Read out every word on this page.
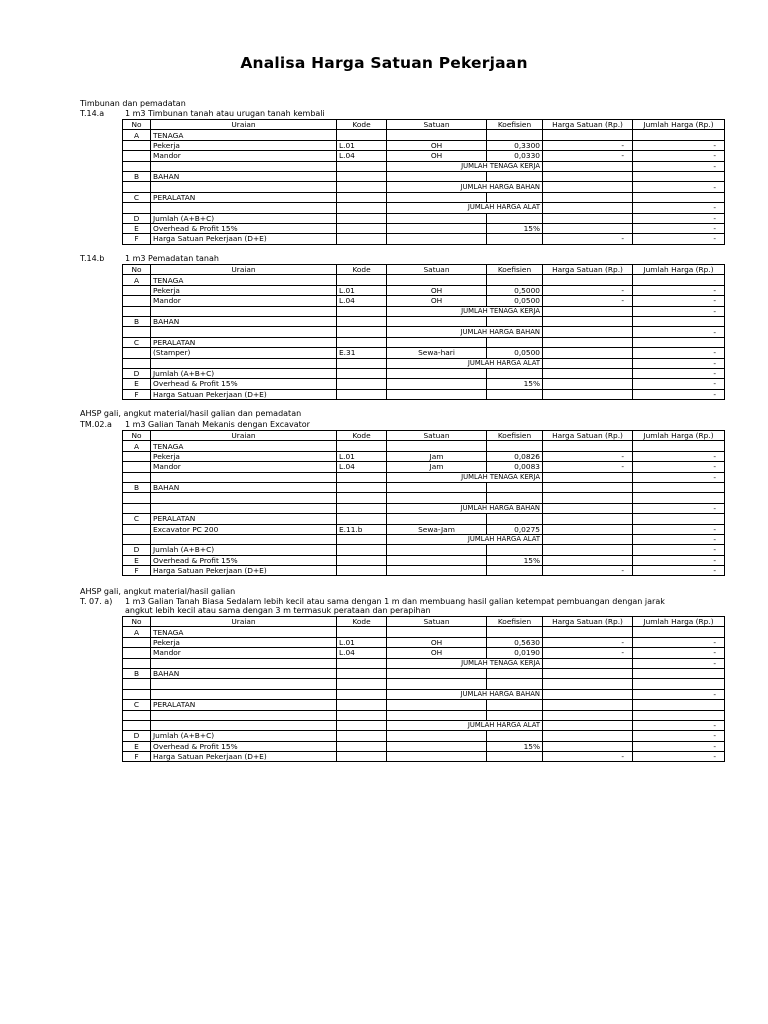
Analisa Harga Satuan Pekerjaan
Timbunan dan pemadatan
T.14.a	1 m3 Timbunan tanah atau urugan tanah kembali
No	Uraian	Kode	Satuan	Koefisien	Harga Satuan (Rp.)	Jumlah Harga (Rp.)
A	TENAGA					
	Pekerja	L.01	OH	0,3300	-	-
	Mandor	L.04	OH	0,0330	-	-
			JUMLAH TENAGA KERJA			-
B	BAHAN					
			JUMLAH HARGA BAHAN			-
C	PERALATAN					
			JUMLAH HARGA ALAT			-
D	Jumlah (A+B+C)					-
E	Overhead & Profit 15%			15%		-
F	Harga Satuan Pekerjaan (D+E)				-	-
T.14.b	1 m3 Pemadatan tanah
No	Uraian	Kode	Satuan	Koefisien	Harga Satuan (Rp.)	Jumlah Harga (Rp.)
A	TENAGA					
	Pekerja	L.01	OH	0,5000	-	-
	Mandor	L.04	OH	0,0500	-	-
			JUMLAH TENAGA KERJA			-
B	BAHAN					
			JUMLAH HARGA BAHAN			-
C	PERALATAN					
	(Stamper)	E.31	Sewa-hari	0,0500		-
			JUMLAH HARGA ALAT			-
D	Jumlah (A+B+C)					-
E	Overhead & Profit 15%			15%		-
F	Harga Satuan Pekerjaan (D+E)					-
AHSP gali, angkut material/hasil galian dan pemadatan
TM.02.a 1 m3 Galian Tanah Mekanis dengan Excavator
No	Uraian	Kode	Satuan	Koefisien	Harga Satuan (Rp.)	Jumlah Harga (Rp.)
A	TENAGA					
	Pekerja	L.01	Jam	0,0826	-	-
	Mandor	L.04	Jam	0,0083	-	-
			JUMLAH TENAGA KERJA			-
B	BAHAN					

			JUMLAH HARGA BAHAN			-
C	PERALATAN					
	Excavator PC 200	E.11.b	Sewa-Jam	0,0275		-
			JUMLAH HARGA ALAT			-
D	Jumlah (A+B+C)					-
E	Overhead & Profit 15%			15%		-
F	Harga Satuan Pekerjaan (D+E)				-	-
AHSP gali, angkut material/hasil galian
T. 07. a) 1 m3 Galian Tanah Biasa Sedalam lebih kecil atau sama dengan 1 m dan membuang hasil galian ketempat pembuangan dengan jarak angkut lebih kecil atau sama dengan 3 m termasuk perataan dan perapihan
No	Uraian	Kode	Satuan	Koefisien	Harga Satuan (Rp.)	Jumlah Harga (Rp.)
A	TENAGA					
	Pekerja	L.01	OH	0,5630	-	-
	Mandor	L.04	OH	0,0190	-	-
			JUMLAH TENAGA KERJA			-
B	BAHAN					

			JUMLAH HARGA BAHAN			-
C	PERALATAN					

			JUMLAH HARGA ALAT			-
D	Jumlah (A+B+C)					-
E	Overhead & Profit 15%			15%		-
F	Harga Satuan Pekerjaan (D+E)				-	-
